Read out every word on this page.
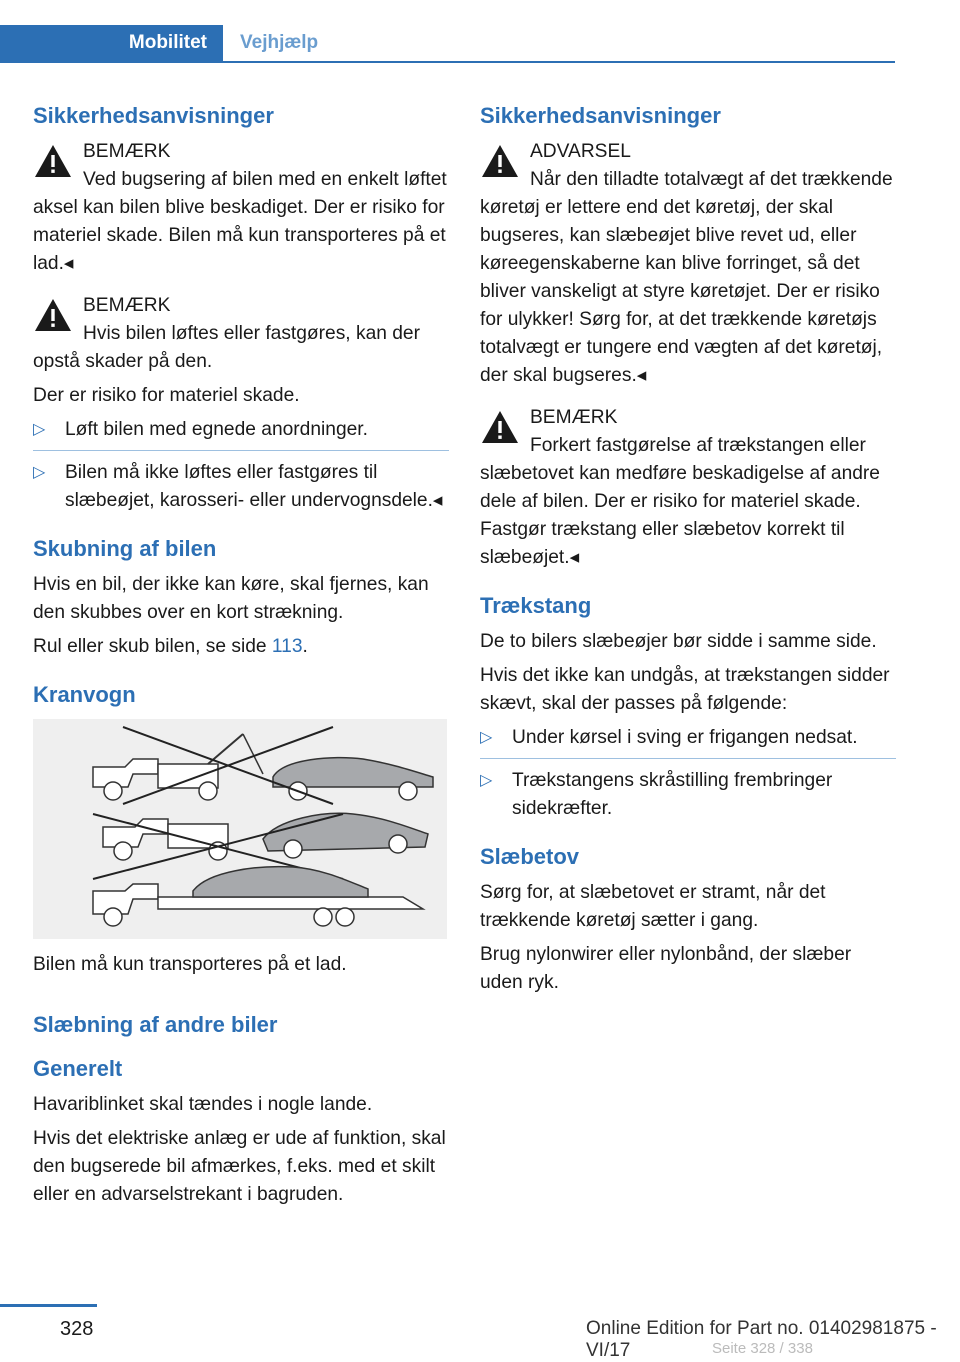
Mobilitet	Vejhjælp
Sikkerhedsanvisninger
BEMÆRK
Ved bugsering af bilen med en enkelt løftet aksel kan bilen blive beskadiget. Der er risiko for materiel skade. Bilen må kun transporteres på et lad.◂
BEMÆRK
Hvis bilen løftes eller fastgøres, kan der opstå skader på den.

Der er risiko for materiel skade.

▷ Løft bilen med egnede anordninger.
▷ Bilen må ikke løftes eller fastgøres til slæbeøjet, karosseri- eller undervognsdele.◂
Skubning af bilen

Hvis en bil, der ikke kan køre, skal fjernes, kan den skubbes over en kort strækning.

Rul eller skub bilen, se side 113.

Kranvogn

Bilen må kun transporteres på et lad.

Slæbning af andre biler
Generelt

Havariblinket skal tændes i nogle lande.

Hvis det elektriske anlæg er ude af funktion, skal den bugserede bil afmærkes, f.eks. med et skilt eller en advarselstrekant i bagruden.

Sikkerhedsanvisninger
ADVARSEL
Når den tilladte totalvægt af det trækkende køretøj er lettere end det køretøj, der skal bugseres, kan slæbeøjet blive revet ud, eller køreegenskaberne kan blive forringet, så det bliver vanskeligt at styre køretøjet. Der er risiko for ulykker! Sørg for, at det trækkende køretøjs totalvægt er tungere end vægten af det køretøj, der skal bugseres.◂
BEMÆRK
Forkert fastgørelse af trækstangen eller slæbetovet kan medføre beskadigelse af andre dele af bilen. Der er risiko for materiel skade. Fastgør trækstang eller slæbetov korrekt til slæbeøjet.◂
Trækstang

De to bilers slæbeøjer bør sidde i samme side.

Hvis det ikke kan undgås, at trækstangen sidder skævt, skal der passes på følgende:

▷ Under kørsel i sving er frigangen nedsat.
▷ Trækstangens skråstilling frembringer sidekræfter.
Slæbetov

Sørg for, at slæbetovet er stramt, når det trækkende køretøj sætter i gang.

Brug nylonwirer eller nylonbånd, der slæber uden ryk.

328	Online Edition for Part no. 01402981875 - VI/17	Seite 328 / 338
